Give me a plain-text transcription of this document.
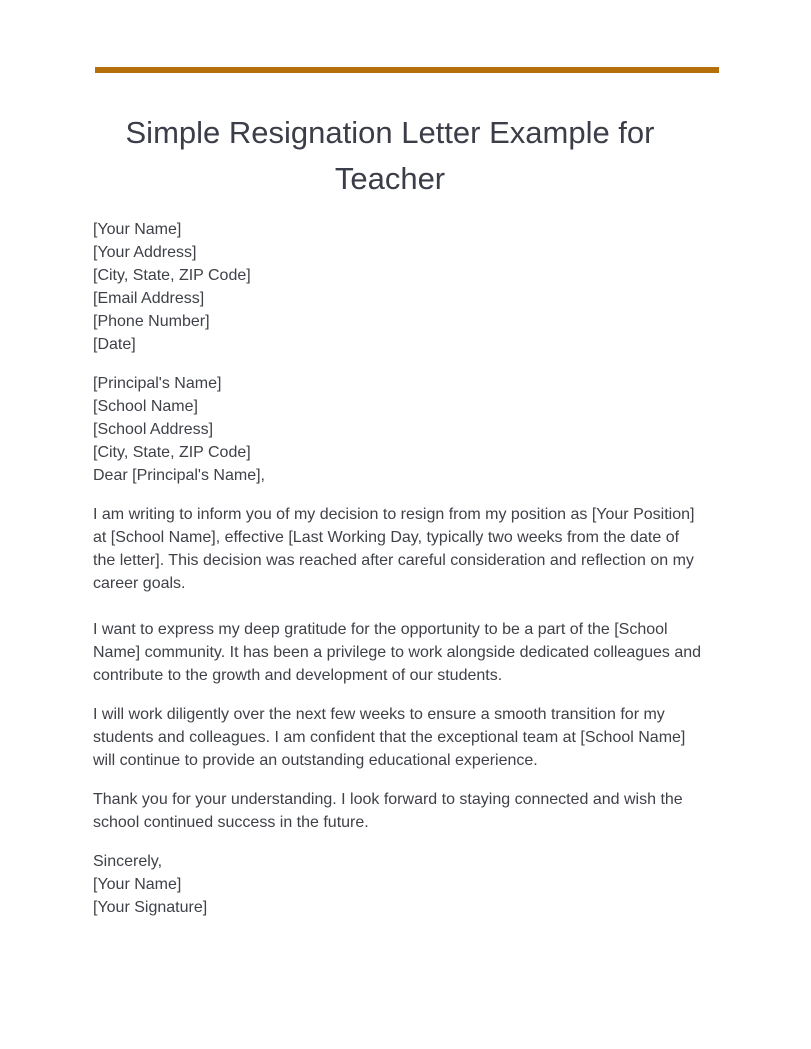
Simple Resignation Letter Example for Teacher
[Your Name]
[Your Address]
[City, State, ZIP Code]
[Email Address]
[Phone Number]
[Date]
[Principal's Name]
[School Name]
[School Address]
[City, State, ZIP Code]
Dear [Principal's Name],

I am writing to inform you of my decision to resign from my position as [Your Position] at [School Name], effective [Last Working Day, typically two weeks from the date of the letter]. This decision was reached after careful consideration and reflection on my career goals.

I want to express my deep gratitude for the opportunity to be a part of the [School Name] community. It has been a privilege to work alongside dedicated colleagues and contribute to the growth and development of our students.

I will work diligently over the next few weeks to ensure a smooth transition for my students and colleagues. I am confident that the exceptional team at [School Name] will continue to provide an outstanding educational experience.

Thank you for your understanding. I look forward to staying connected and wish the school continued success in the future.

Sincerely,
[Your Name]
[Your Signature]
